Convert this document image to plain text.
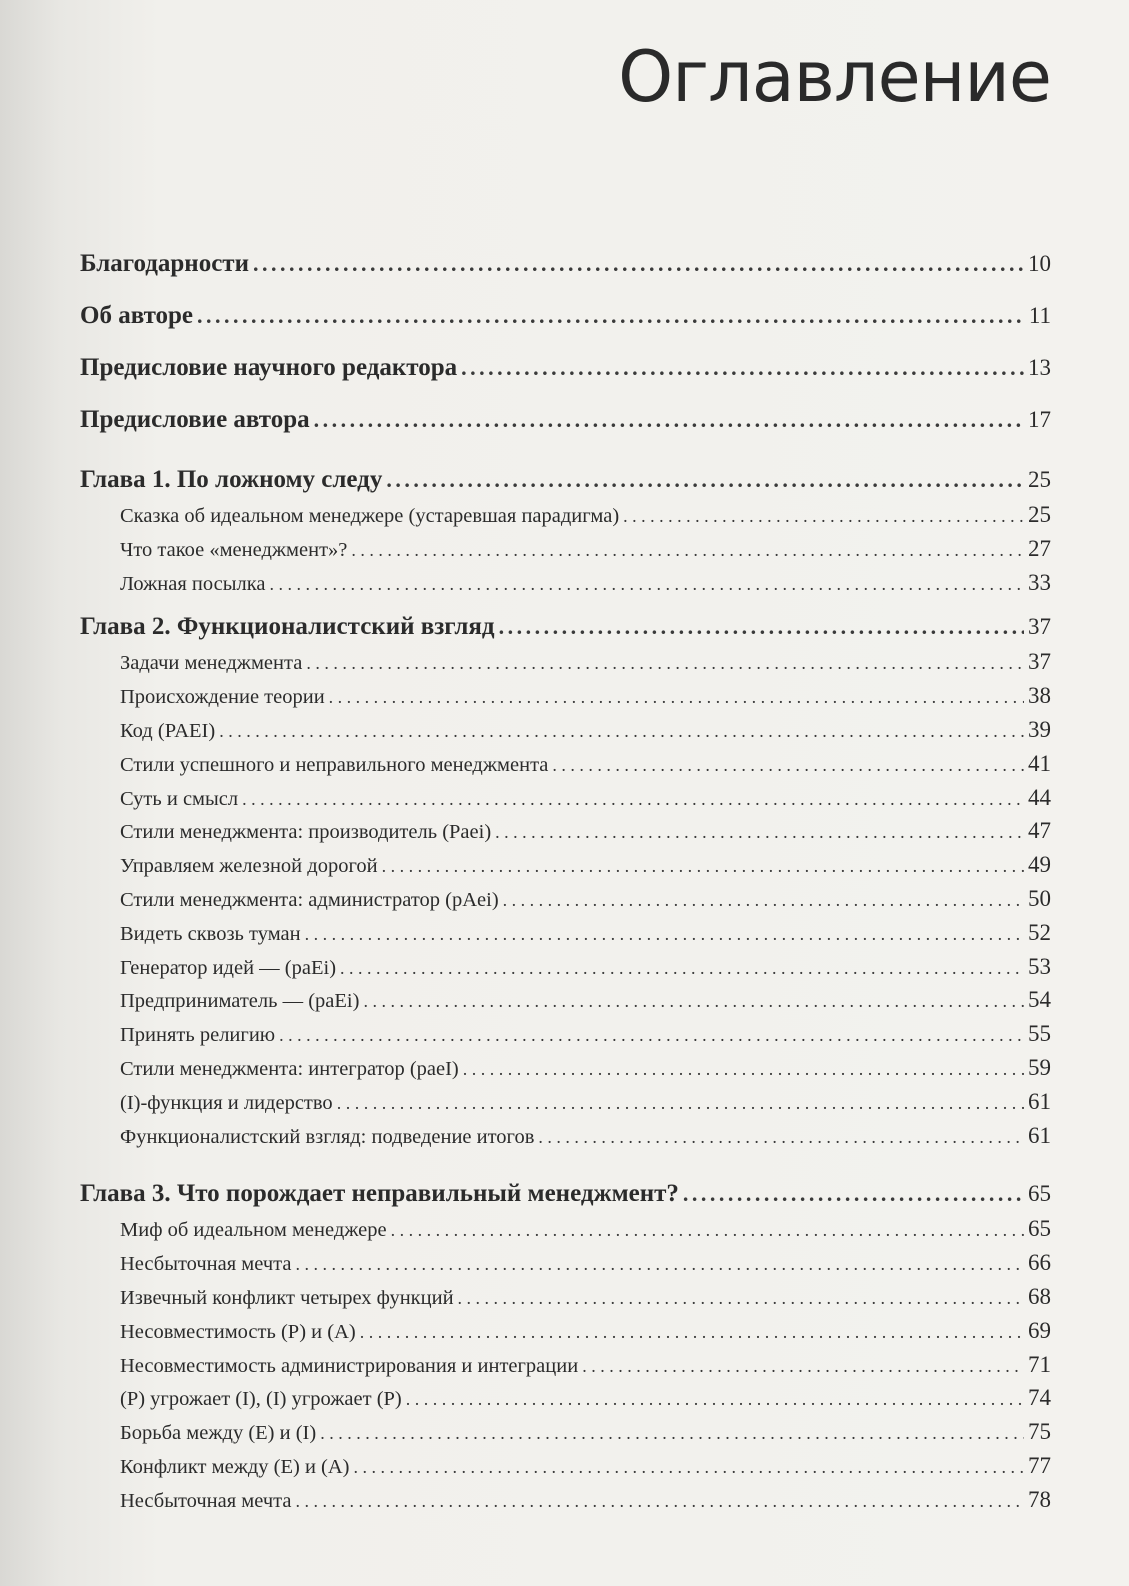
Оглавление
Благодарности . . .	10
Об авторе . . .	11
Предисловие научного редактора . . .	13
Предисловие автора . . .	17
Глава 1. По ложному следу . . .	25
Сказка об идеальном менеджере (устаревшая парадигма) . . .	25
Что такое «менеджмент»? . . .	27
Ложная посылка . . .	33
Глава 2. Функционалистский взгляд . . .	37
Задачи менеджмента . . .	37
Происхождение теории . . .	38
Код (PAEI) . . .	39
Стили успешного и неправильного менеджмента . . .	41
Суть и смысл . . .	44
Стили менеджмента: производитель (Paei) . . .	47
Управляем железной дорогой . . .	49
Стили менеджмента: администратор (pAei) . . .	50
Видеть сквозь туман . . .	52
Генератор идей — (paEi) . . .	53
Предприниматель — (paEi) . . .	54
Принять религию . . .	55
Стили менеджмента: интегратор (paeI) . . .	59
(I)-функция и лидерство . . .	61
Функционалистский взгляд: подведение итогов . . .	61
Глава 3. Что порождает неправильный менеджмент? . . .	65
Миф об идеальном менеджере . . .	65
Несбыточная мечта . . .	66
Извечный конфликт четырех функций . . .	68
Несовместимость (P) и (A) . . .	69
Несовместимость администрирования и интеграции . . .	71
(P) угрожает (I), (I) угрожает (P) . . .	74
Борьба между (E) и (I) . . .	75
Конфликт между (E) и (A) . . .	77
Несбыточная мечта . . .	78
